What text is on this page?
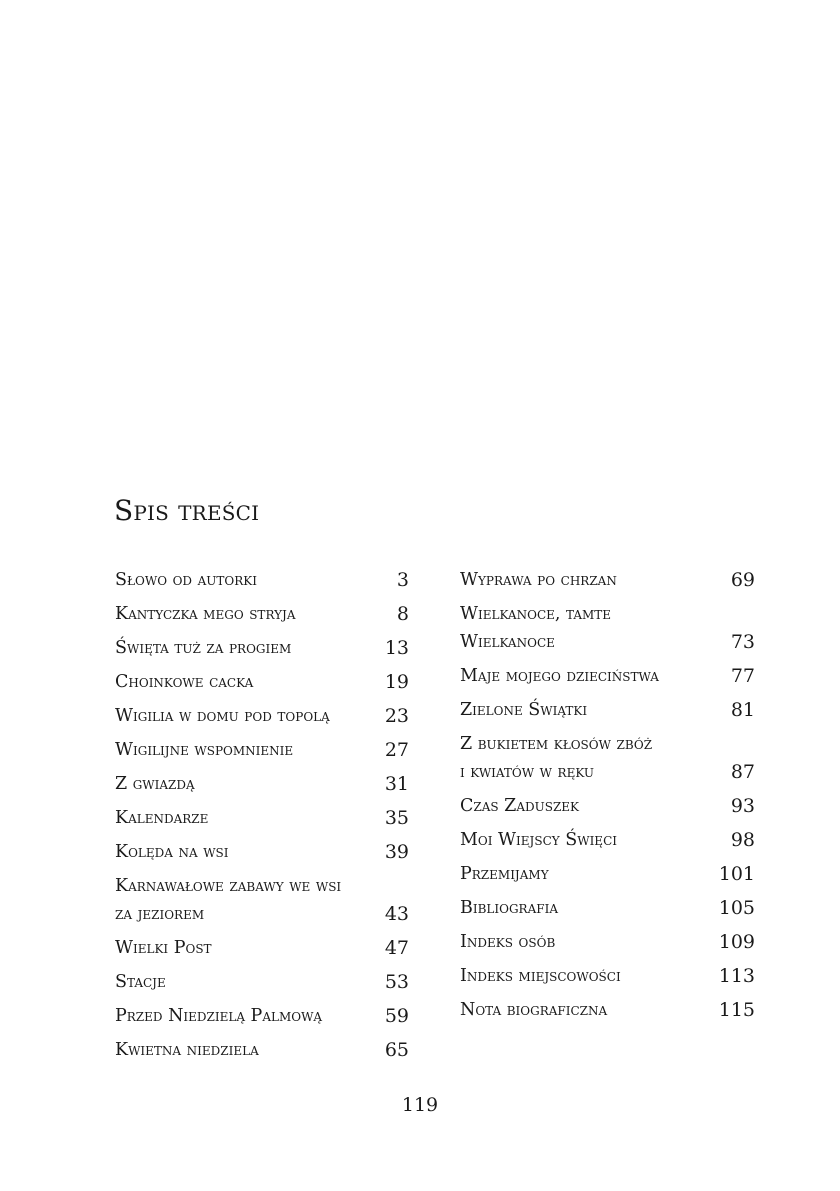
Spis treści
Słowo od autorki	3
Kantyczka mego stryja	8
Święta tuż za progiem	13
Choinkowe cacka	19
Wigilia w domu pod topolą	23
Wigilijne wspomnienie	27
Z gwiazdą	31
Kalendarze	35
Kolęda na wsi	39
Karnawałowe zabawy we wsi
za jeziorem	43
Wielki Post	47
Stacje	53
Przed Niedzielą Palmową	59
Kwietna niedziela	65
Wyprawa po chrzan	69
Wielkanoce, tamte
Wielkanoce	73
Maje mojego dzieciństwa	77
Zielone Świątki	81
Z bukietem kłosów zbóż
i kwiatów w ręku	87
Czas Zaduszek	93
Moi Wiejscy Święci	98
Przemijamy	101
Bibliografia	105
Indeks osób	109
Indeks miejscowości	113
Nota biograficzna	115
119
